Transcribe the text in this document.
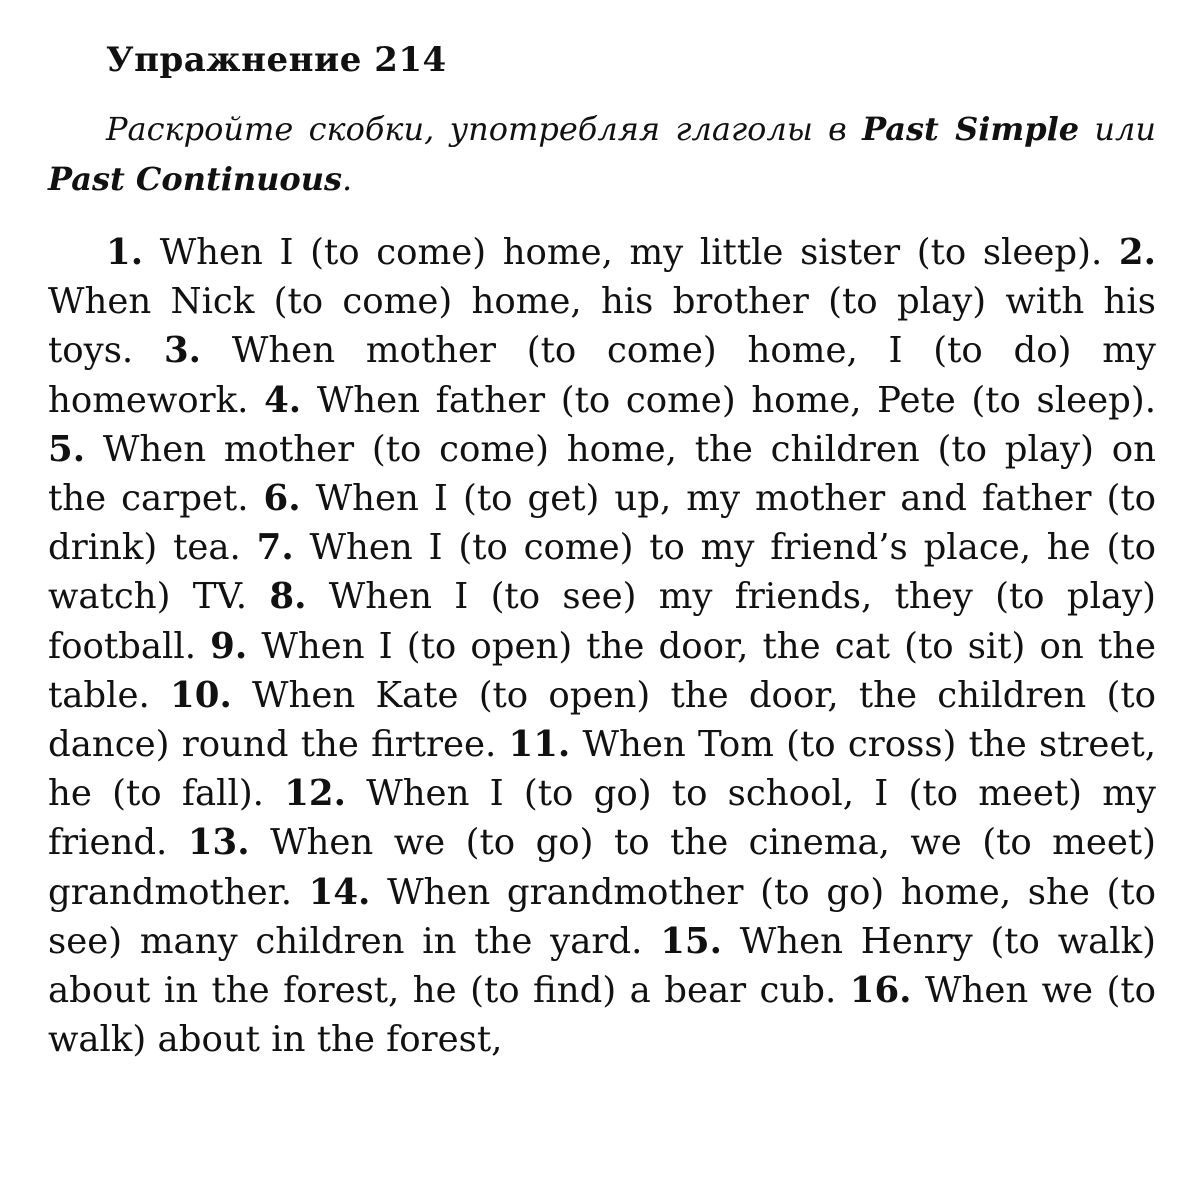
Упражнение 214

Раскройте скобки, употребляя глаголы в Past Simple или Past Continuous.

1. When I (to come) home, my little sister (to sleep). 2. When Nick (to come) home, his brother (to play) with his toys. 3. When mother (to come) home, I (to do) my homework. 4. When father (to come) home, Pete (to sleep). 5. When mother (to come) home, the children (to play) on the carpet. 6. When I (to get) up, my mother and father (to drink) tea. 7. When I (to come) to my friend’s place, he (to watch) TV. 8. When I (to see) my friends, they (to play) football. 9. When I (to open) the door, the cat (to sit) on the table. 10. When Kate (to open) the door, the children (to dance) round the firtree. 11. When Tom (to cross) the street, he (to fall). 12. When I (to go) to school, I (to meet) my friend. 13. When we (to go) to the cinema, we (to meet) grandmother. 14. When grandmother (to go) home, she (to see) many children in the yard. 15. When Henry (to walk) about in the forest, he (to find) a bear cub. 16. When we (to walk) about in the forest,
